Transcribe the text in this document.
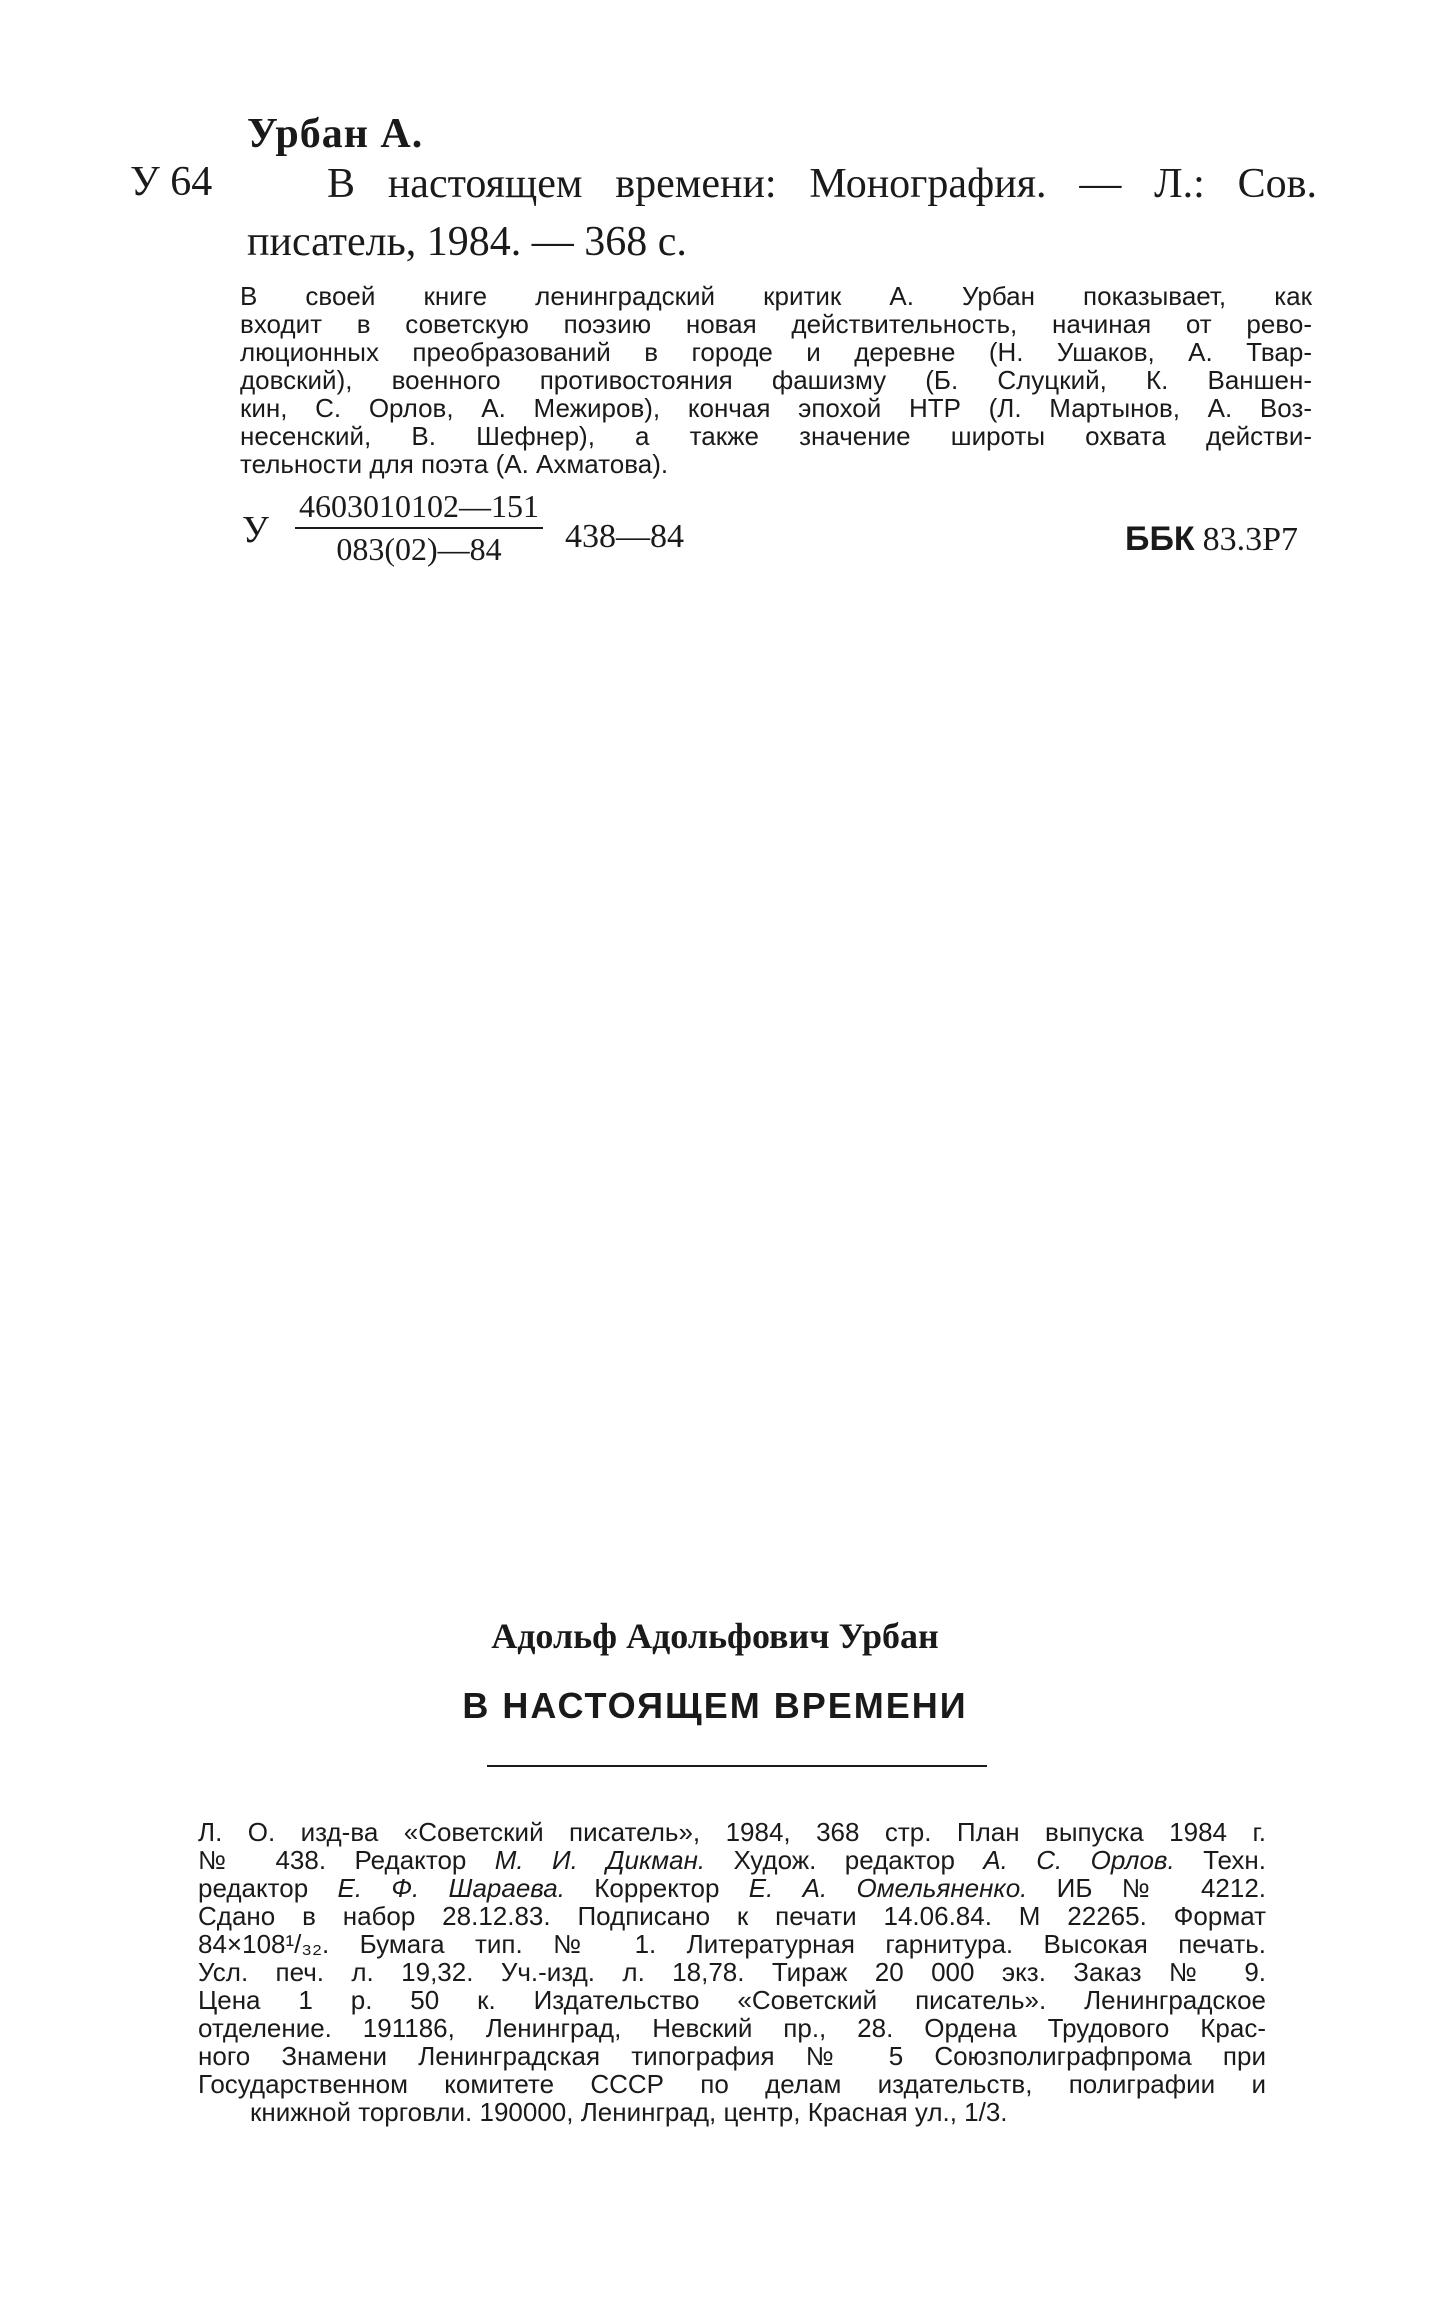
Урбан А.
У 64	В настоящем времени: Монография. — Л.: Сов.
писатель, 1984. — 368 с.
В своей книге ленинградский критик А. Урбан показывает, как
входит в советскую поэзию новая действительность, начиная от рево-
люционных преобразований в городе и деревне (Н. Ушаков, А. Твар-
довский), военного противостояния фашизму (Б. Слуцкий, К. Ваншен-
кин, С. Орлов, А. Межиров), кончая эпохой НТР (Л. Мартынов, А. Воз-
несенский, В. Шефнер), а также значение широты охвата действи-
тельности для поэта (А. Ахматова).
У $\frac{4603010102—151}{083(02)—84}$ 438—84	ББК 83.3Р7
Адольф Адольфович Урбан
В НАСТОЯЩЕМ ВРЕМЕНИ
Л. О. изд-ва «Советский писатель», 1984, 368 стр. План выпуска 1984 г.
№ 438. Редактор М. И. Дикман. Худож. редактор А. С. Орлов. Техн.
редактор Е. Ф. Шараева. Корректор Е. А. Омельяненко. ИБ № 4212.
Сдано в набор 28.12.83. Подписано к печати 14.06.84. М 22265. Формат
84×108¹/₃₂. Бумага тип. № 1. Литературная гарнитура. Высокая печать.
Усл. печ. л. 19,32. Уч.-изд. л. 18,78. Тираж 20 000 экз. Заказ № 9.
Цена 1 р. 50 к. Издательство «Советский писатель». Ленинградское
отделение. 191186, Ленинград, Невский пр., 28. Ордена Трудового Крас-
ного Знамени Ленинградская типография № 5 Союзполиграфпрома при
Государственном комитете СССР по делам издательств, полиграфии и
книжной торговли. 190000, Ленинград, центр, Красная ул., 1/3.
